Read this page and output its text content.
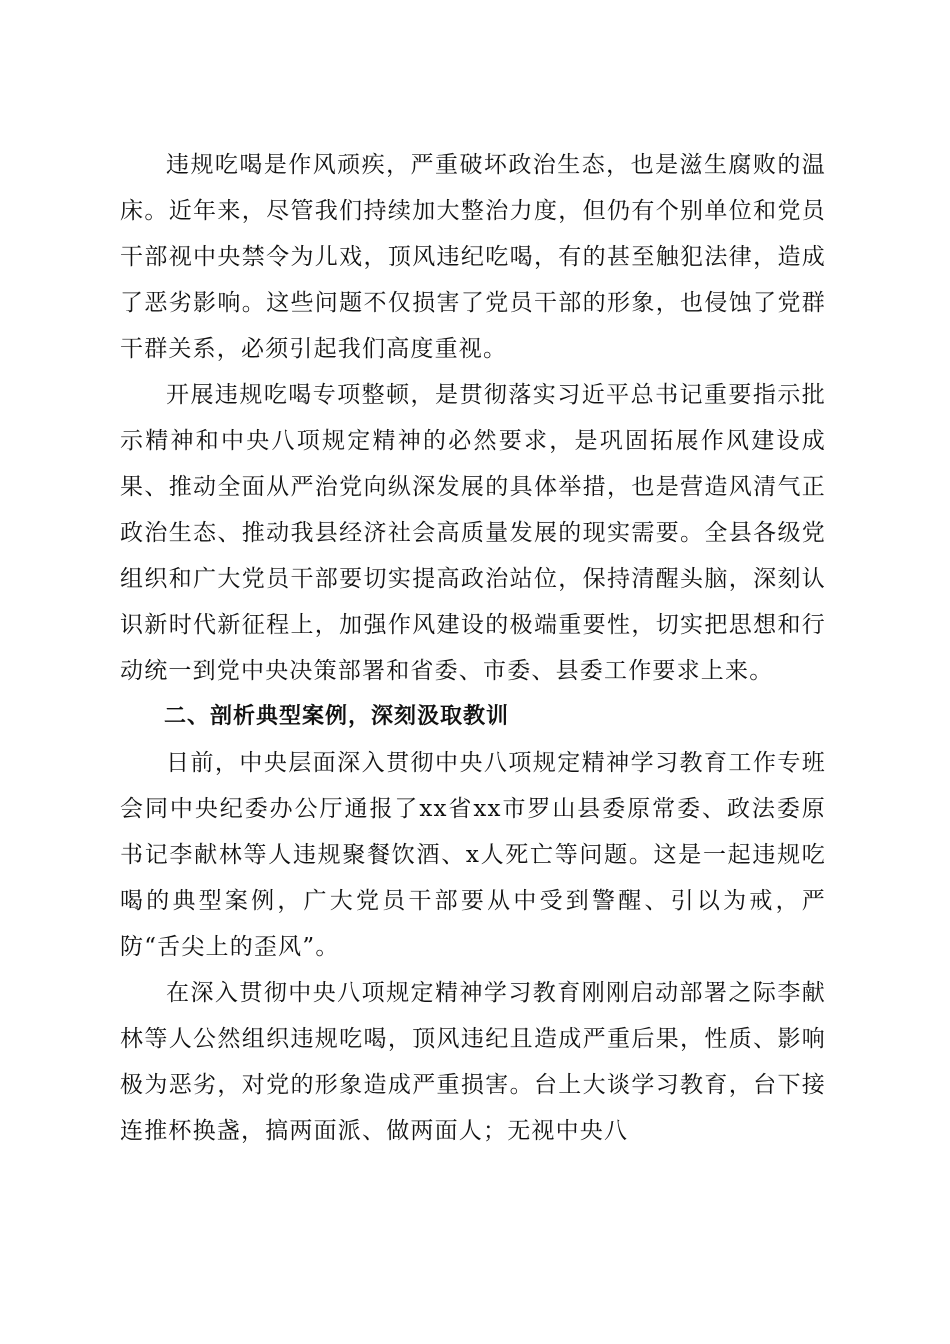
违规吃喝是作风顽疾，严重破坏政治生态，也是滋生腐败的温床。近年来，尽管我们持续加大整治力度，但仍有个别单位和党员干部视中央禁令为儿戏，顶风违纪吃喝，有的甚至触犯法律，造成了恶劣影响。这些问题不仅损害了党员干部的形象，也侵蚀了党群干群关系，必须引起我们高度重视。

开展违规吃喝专项整顿，是贯彻落实习近平总书记重要指示批示精神和中央八项规定精神的必然要求，是巩固拓展作风建设成果、推动全面从严治党向纵深发展的具体举措，也是营造风清气正政治生态、推动我县经济社会高质量发展的现实需要。全县各级党组织和广大党员干部要切实提高政治站位，保持清醒头脑，深刻认识新时代新征程上，加强作风建设的极端重要性，切实把思想和行动统一到党中央决策部署和省委、市委、县委工作要求上来。

二、剖析典型案例，深刻汲取教训

日前，中央层面深入贯彻中央八项规定精神学习教育工作专班会同中央纪委办公厅通报了xx省xx市罗山县委原常委、政法委原书记李献林等人违规聚餐饮酒、x人死亡等问题。这是一起违规吃喝的典型案例，广大党员干部要从中受到警醒、引以为戒，严防“舌尖上的歪风”。

在深入贯彻中央八项规定精神学习教育刚刚启动部署之际李献林等人公然组织违规吃喝，顶风违纪且造成严重后果，性质、影响极为恶劣，对党的形象造成严重损害。台上大谈学习教育，台下接连推杯换盏，搞两面派、做两面人；无视中央八
